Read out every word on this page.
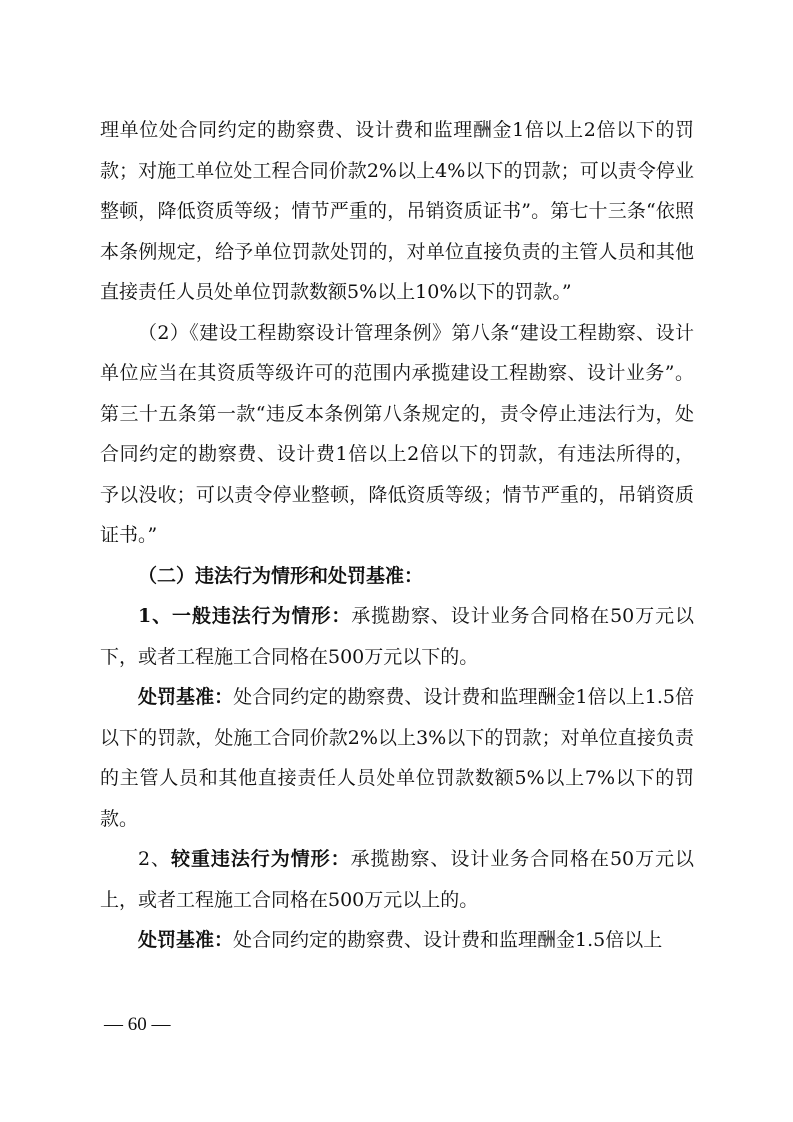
理单位处合同约定的勘察费、设计费和监理酬金1倍以上2倍以下的罚款；对施工单位处工程合同价款2%以上4%以下的罚款；可以责令停业整顿，降低资质等级；情节严重的，吊销资质证书”。第七十三条“依照本条例规定，给予单位罚款处罚的，对单位直接负责的主管人员和其他直接责任人员处单位罚款数额5%以上10%以下的罚款。”

（2）《建设工程勘察设计管理条例》第八条“建设工程勘察、设计单位应当在其资质等级许可的范围内承揽建设工程勘察、设计业务”。第三十五条第一款“违反本条例第八条规定的，责令停止违法行为，处合同约定的勘察费、设计费1倍以上2倍以下的罚款，有违法所得的，予以没收；可以责令停业整顿，降低资质等级；情节严重的，吊销资质证书。”

（二）违法行为情形和处罚基准：

1、一般违法行为情形：承揽勘察、设计业务合同格在50万元以下，或者工程施工合同格在500万元以下的。

处罚基准：处合同约定的勘察费、设计费和监理酬金1倍以上1.5倍以下的罚款，处施工合同价款2%以上3%以下的罚款；对单位直接负责的主管人员和其他直接责任人员处单位罚款数额5%以上7%以下的罚款。

2、较重违法行为情形：承揽勘察、设计业务合同格在50万元以上，或者工程施工合同格在500万元以上的。

处罚基准：处合同约定的勘察费、设计费和监理酬金1.5倍以上

— 60 —
